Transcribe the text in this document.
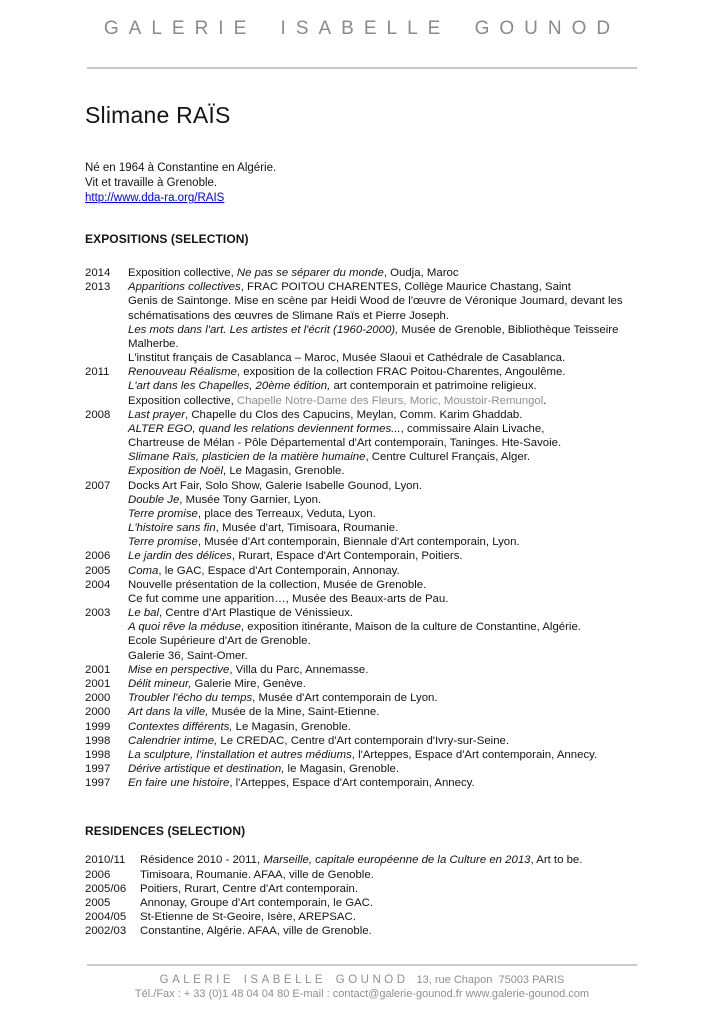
GALERIE ISABELLE GOUNOD
Slimane RAÏS

Né en 1964 à Constantine en Algérie.

Vit et travaille à Grenoble.

http://www.dda-ra.org/RAIS

EXPOSITIONS (SELECTION)
2014	Exposition collective, Ne pas se séparer du monde, Oudja, Maroc
2013	Apparitions collectives, FRAC POITOU CHARENTES, Collège Maurice Chastang, Saint
Genis de Saintonge. Mise en scène par Heidi Wood de l'œuvre de Véronique Joumard, devant les
schématisations des œuvres de Slimane Raïs et Pierre Joseph.
Les mots dans l'art. Les artistes et l'écrit (1960-2000), Musée de Grenoble, Bibliothèque Teisseire
Malherbe.
L'institut français de Casablanca – Maroc, Musée Slaoui et Cathédrale de Casablanca.
2011	Renouveau Réalisme, exposition de la collection FRAC Poitou-Charentes, Angoulême.
L'art dans les Chapelles, 20ème édition, art contemporain et patrimoine religieux.
Exposition collective, Chapelle Notre-Dame des Fleurs, Moric, Moustoir-Remungol.
2008	Last prayer, Chapelle du Clos des Capucins, Meylan, Comm. Karim Ghaddab.
ALTER EGO, quand les relations deviennent formes..., commissaire Alain Livache,
Chartreuse de Mélan - Pôle Départemental d'Art contemporain, Taninges. Hte-Savoie.
Slimane Raïs, plasticien de la matière humaine, Centre Culturel Français, Alger.
Exposition de Noël, Le Magasin, Grenoble.
2007	Docks Art Fair, Solo Show, Galerie Isabelle Gounod, Lyon.
Double Je, Musée Tony Garnier, Lyon.
Terre promise, place des Terreaux, Veduta, Lyon.
L'histoire sans fin, Musée d'art, Timisoara, Roumanie.
Terre promise, Musée d'Art contemporain, Biennale d'Art contemporain, Lyon.
2006	Le jardin des délices, Rurart, Espace d'Art Contemporain, Poitiers.
2005	Coma, le GAC, Espace d'Art Contemporain, Annonay.
2004	Nouvelle présentation de la collection, Musée de Grenoble.
Ce fut comme une apparition…, Musée des Beaux-arts de Pau.
2003	Le bal, Centre d'Art Plastique de Vénissieux.
A quoi rêve la méduse, exposition itinérante, Maison de la culture de Constantine, Algérie.
Ecole Supérieure d'Art de Grenoble.
Galerie 36, Saint-Omer.
2001	Mise en perspective, Villa du Parc, Annemasse.
2001	Délit mineur, Galerie Mire, Genève.
2000	Troubler l'écho du temps, Musée d'Art contemporain de Lyon.
2000	Art dans la ville, Musée de la Mine, Saint-Etienne.
1999	Contextes différents, Le Magasin, Grenoble.
1998	Calendrier intime, Le CREDAC, Centre d'Art contemporain d'Ivry-sur-Seine.
1998	La sculpture, l'installation et autres médiums, l'Arteppes, Espace d'Art contemporain, Annecy.
1997	Dérive artistique et destination, le Magasin, Grenoble.
1997	En faire une histoire, l'Arteppes, Espace d'Art contemporain, Annecy.
RESIDENCES (SELECTION)
2010/11	Résidence 2010 - 2011, Marseille, capitale européenne de la Culture en 2013, Art to be.
2006	Timisoara, Roumanie. AFAA, ville de Genoble.
2005/06	Poitiers, Rurart, Centre d'Art contemporain.
2005	Annonay, Groupe d'Art contemporain, le GAC.
2004/05	St-Etienne de St-Geoire, Isère, AREPSAC.
2002/03	Constantine, Algérie. AFAA, ville de Grenoble.
GALERIE ISABELLE GOUNOD 13, rue Chapon  75003 PARIS
Tél./Fax : + 33 (0)1 48 04 04 80 E-mail : contact@galerie-gounod.fr www.galerie-gounod.com
